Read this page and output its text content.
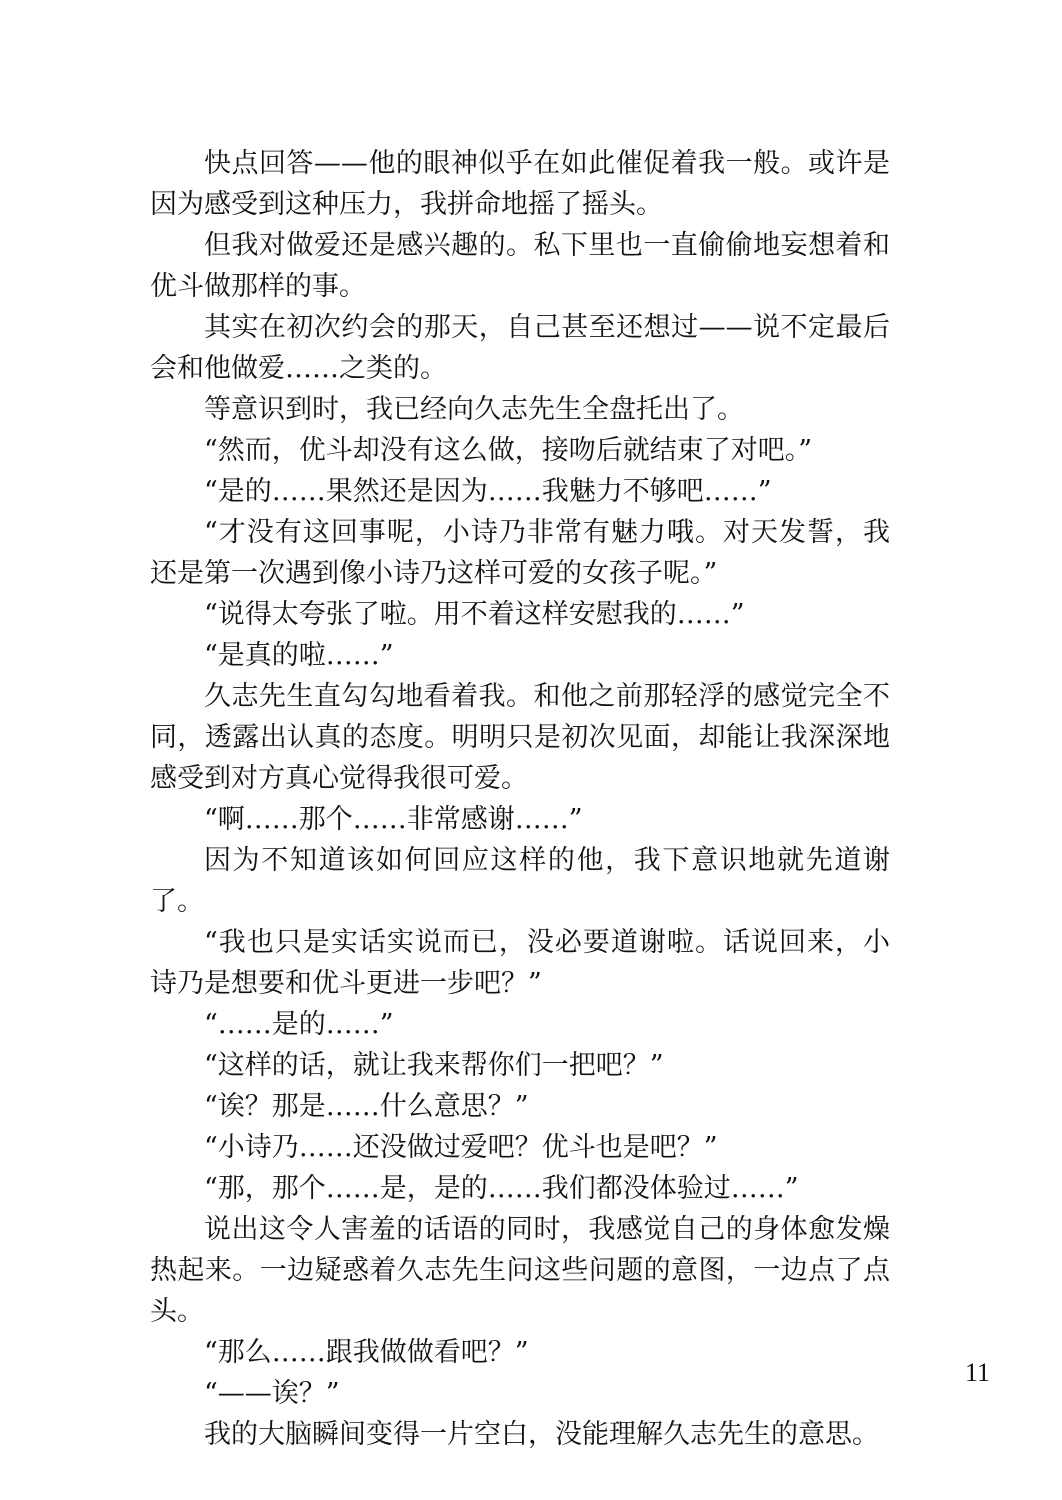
快点回答——他的眼神似乎在如此催促着我一般。或许是因为感受到这种压力，我拼命地摇了摇头。

但我对做爱还是感兴趣的。私下里也一直偷偷地妄想着和优斗做那样的事。

其实在初次约会的那天，自己甚至还想过——说不定最后会和他做爱……之类的。

等意识到时，我已经向久志先生全盘托出了。

“然而，优斗却没有这么做，接吻后就结束了对吧。”

“是的……果然还是因为……我魅力不够吧……”

“才没有这回事呢，小诗乃非常有魅力哦。对天发誓，我还是第一次遇到像小诗乃这样可爱的女孩子呢。”

“说得太夸张了啦。用不着这样安慰我的……”

“是真的啦……”

久志先生直勾勾地看着我。和他之前那轻浮的感觉完全不同，透露出认真的态度。明明只是初次见面，却能让我深深地感受到对方真心觉得我很可爱。

“啊……那个……非常感谢……”

因为不知道该如何回应这样的他，我下意识地就先道谢了。

“我也只是实话实说而已，没必要道谢啦。话说回来，小诗乃是想要和优斗更进一步吧？”

“……是的……”

“这样的话，就让我来帮你们一把吧？”

“诶？那是……什么意思？”

“小诗乃……还没做过爱吧？优斗也是吧？”

“那，那个……是，是的……我们都没体验过……”

说出这令人害羞的话语的同时，我感觉自己的身体愈发燥热起来。一边疑惑着久志先生问这些问题的意图，一边点了点头。

“那么……跟我做做看吧？”

“——诶？”

我的大脑瞬间变得一片空白，没能理解久志先生的意思。

11
